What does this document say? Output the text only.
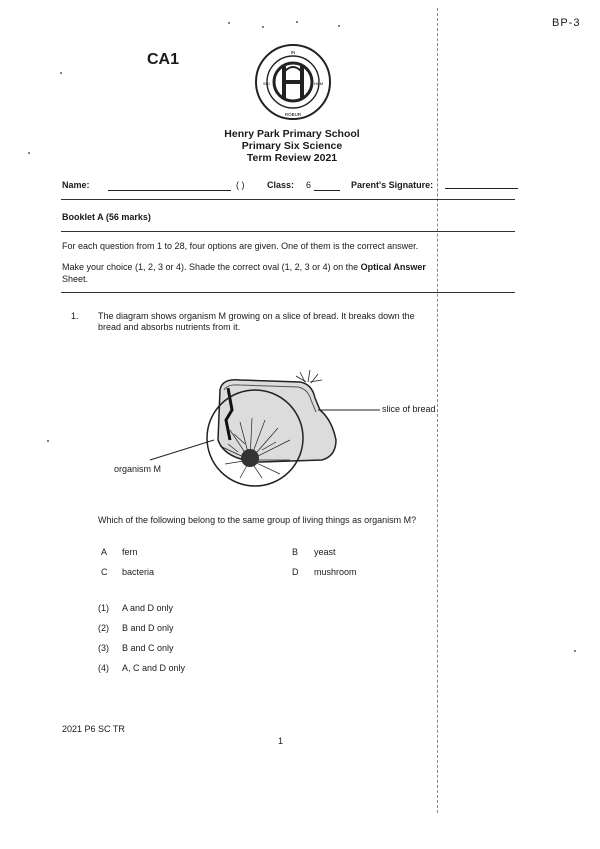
BP-3
CA1	IN
ROBUR
SCI	HUM
Henry Park Primary School
Primary Six Science
Term Review 2021
Name:	( )	Class: 6	Parent's Signature:
Booklet A (56 marks)
For each question from 1 to 28, four options are given. One of them is the correct answer.
Make your choice (1, 2, 3 or 4). Shade the correct oval (1, 2, 3 or 4) on the Optical Answer
Sheet.
1. The diagram shows organism M growing on a slice of bread. It breaks down the
bread and absorbs nutrients from it.
slice of bread
organism M
Which of the following belong to the same group of living things as organism M?
A fern	B yeast
C bacteria	D mushroom
(1) A and D only
(2) B and D only
(3) B and C only
(4) A, C and D only
2021 P6 SC TR
1
